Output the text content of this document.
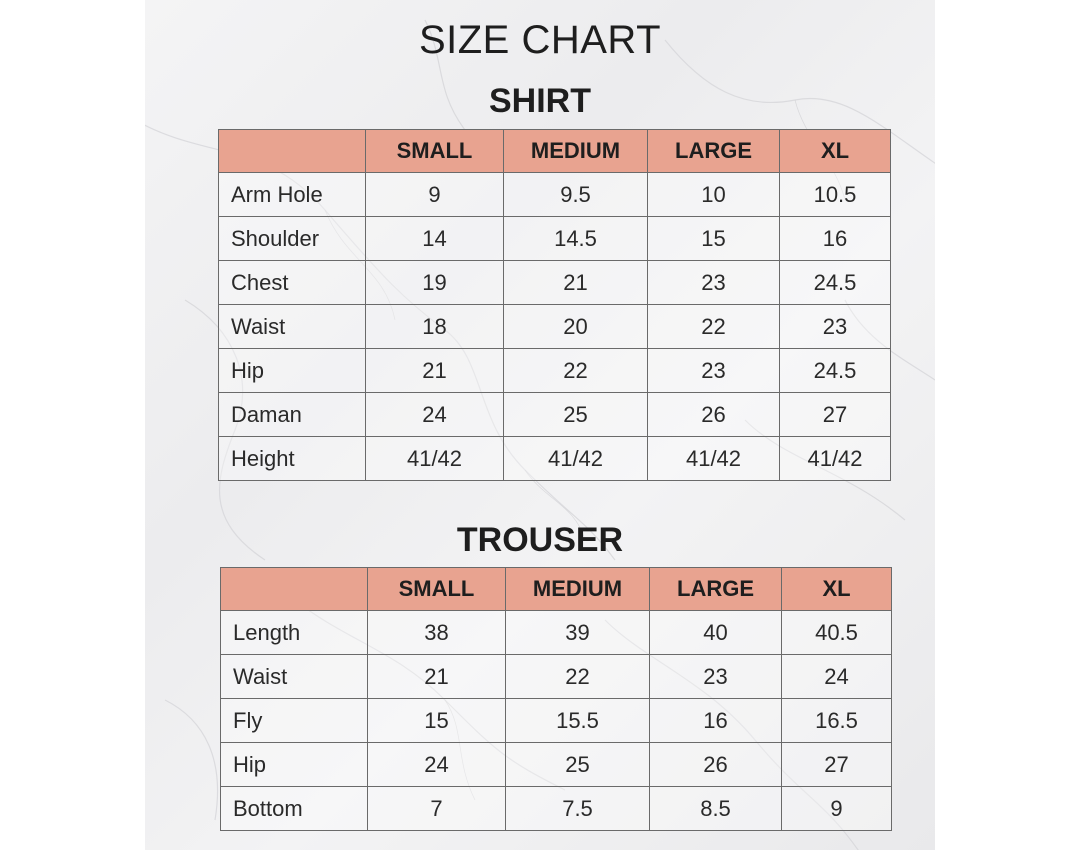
SIZE CHART
SHIRT
	SMALL	MEDIUM	LARGE	XL
Arm Hole	9	9.5	10	10.5
Shoulder	14	14.5	15	16
Chest	19	21	23	24.5
Waist	18	20	22	23
Hip	21	22	23	24.5
Daman	24	25	26	27
Height	41/42	41/42	41/42	41/42
TROUSER
	SMALL	MEDIUM	LARGE	XL
Length	38	39	40	40.5
Waist	21	22	23	24
Fly	15	15.5	16	16.5
Hip	24	25	26	27
Bottom	7	7.5	8.5	9
